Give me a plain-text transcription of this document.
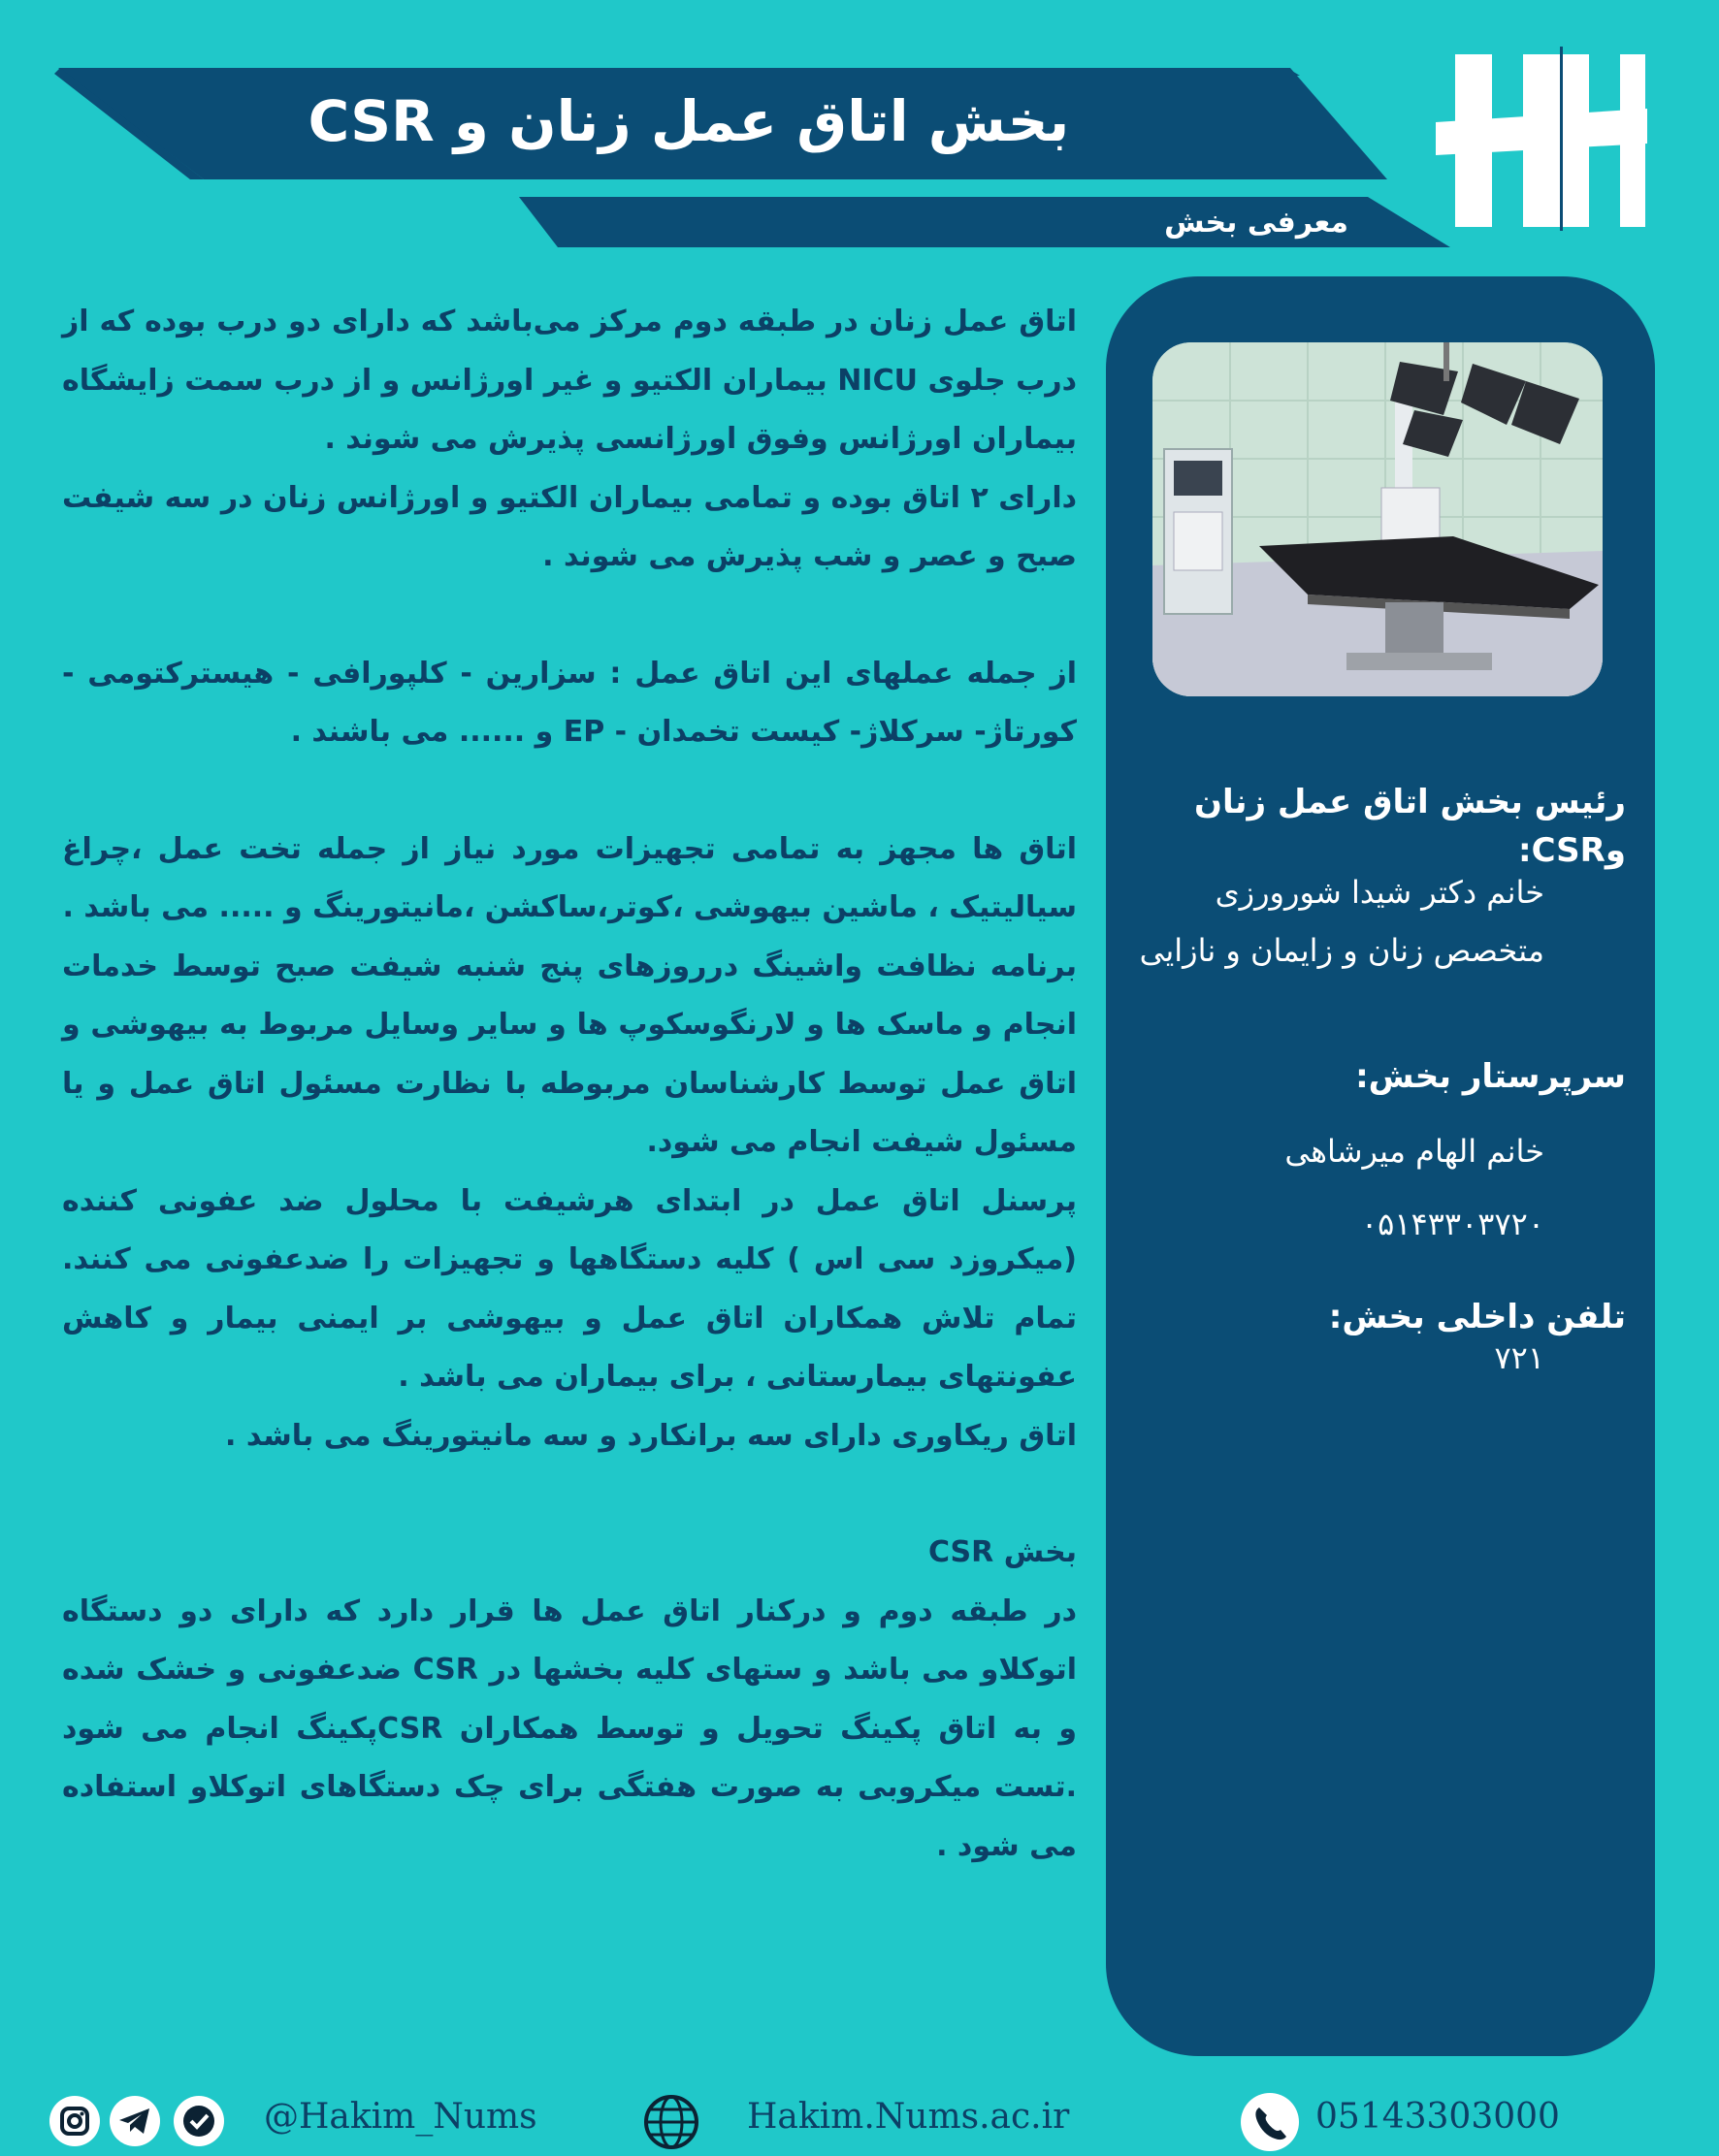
بخش اتاق عمل زنان و CSR
معرفی بخش
رئیس بخش اتاق عمل زنان وCSR:
خانم دکتر شیدا شورورزی
متخصص زنان و زایمان و نازایی
سرپرستار بخش:
خانم الهام میرشاهی
۰۵۱۴۳۳۰۳۷۲۰
تلفن داخلی بخش:
۷۲۱

اتاق عمل زنان در طبقه دوم مرکز می‌باشد که دارای دو درب بوده که از درب جلوی NICU بیماران الکتیو و غیر اورژانس و از درب سمت زایشگاه بیماران اورژانس وفوق اورژانسی پذیرش می شوند .

دارای ۲ اتاق بوده و تمامی بیماران الکتیو و اورژانس زنان در سه شیفت صبح و عصر و شب پذیرش می شوند .

از جمله عملهای این اتاق عمل : سزارین - کلپورافی - هیسترکتومی - کورتاژ- سرکلاژ- کیست تخمدان - EP و ...... می باشند .

اتاق ها مجهز به تمامی تجهیزات مورد نیاز از جمله تخت عمل ،چراغ سیالیتیک ، ماشین بیهوشی ،کوتر،ساکشن ،مانیتورینگ و ..... می باشد .

برنامه نظافت واشینگ درروزهای پنج شنبه شیفت صبح توسط خدمات انجام و ماسک ها و لارنگوسکوپ ها و سایر وسایل مربوط به بیهوشی و اتاق عمل توسط کارشناسان مربوطه با نظارت مسئول اتاق عمل و یا مسئول شیفت انجام می شود.

پرسنل اتاق عمل در ابتدای هرشیفت با محلول ضد عفونی کننده (میکروزد سی اس ) کلیه دستگاهها و تجهیزات را ضدعفونی می کنند. تمام تلاش همکاران اتاق عمل و بیهوشی بر ایمنی بیمار و کاهش عفونتهای بیمارستانی ، برای بیماران می باشد .

اتاق ریکاوری دارای سه برانکارد و سه مانیتورینگ می باشد .

بخش CSR

در طبقه دوم و درکنار اتاق عمل ها قرار دارد که دارای دو دستگاه اتوکلاو می باشد و ستهای کلیه بخشها در CSR ضدعفونی و خشک شده و به اتاق پکینگ تحویل و توسط همکاران CSRپکینگ انجام می شود .تست میکروبی به صورت هفتگی برای چک دستگاهای اتوکلاو استفاده می شود .

@Hakim_Nums	Hakim.Nums.ac.ir	05143303000
